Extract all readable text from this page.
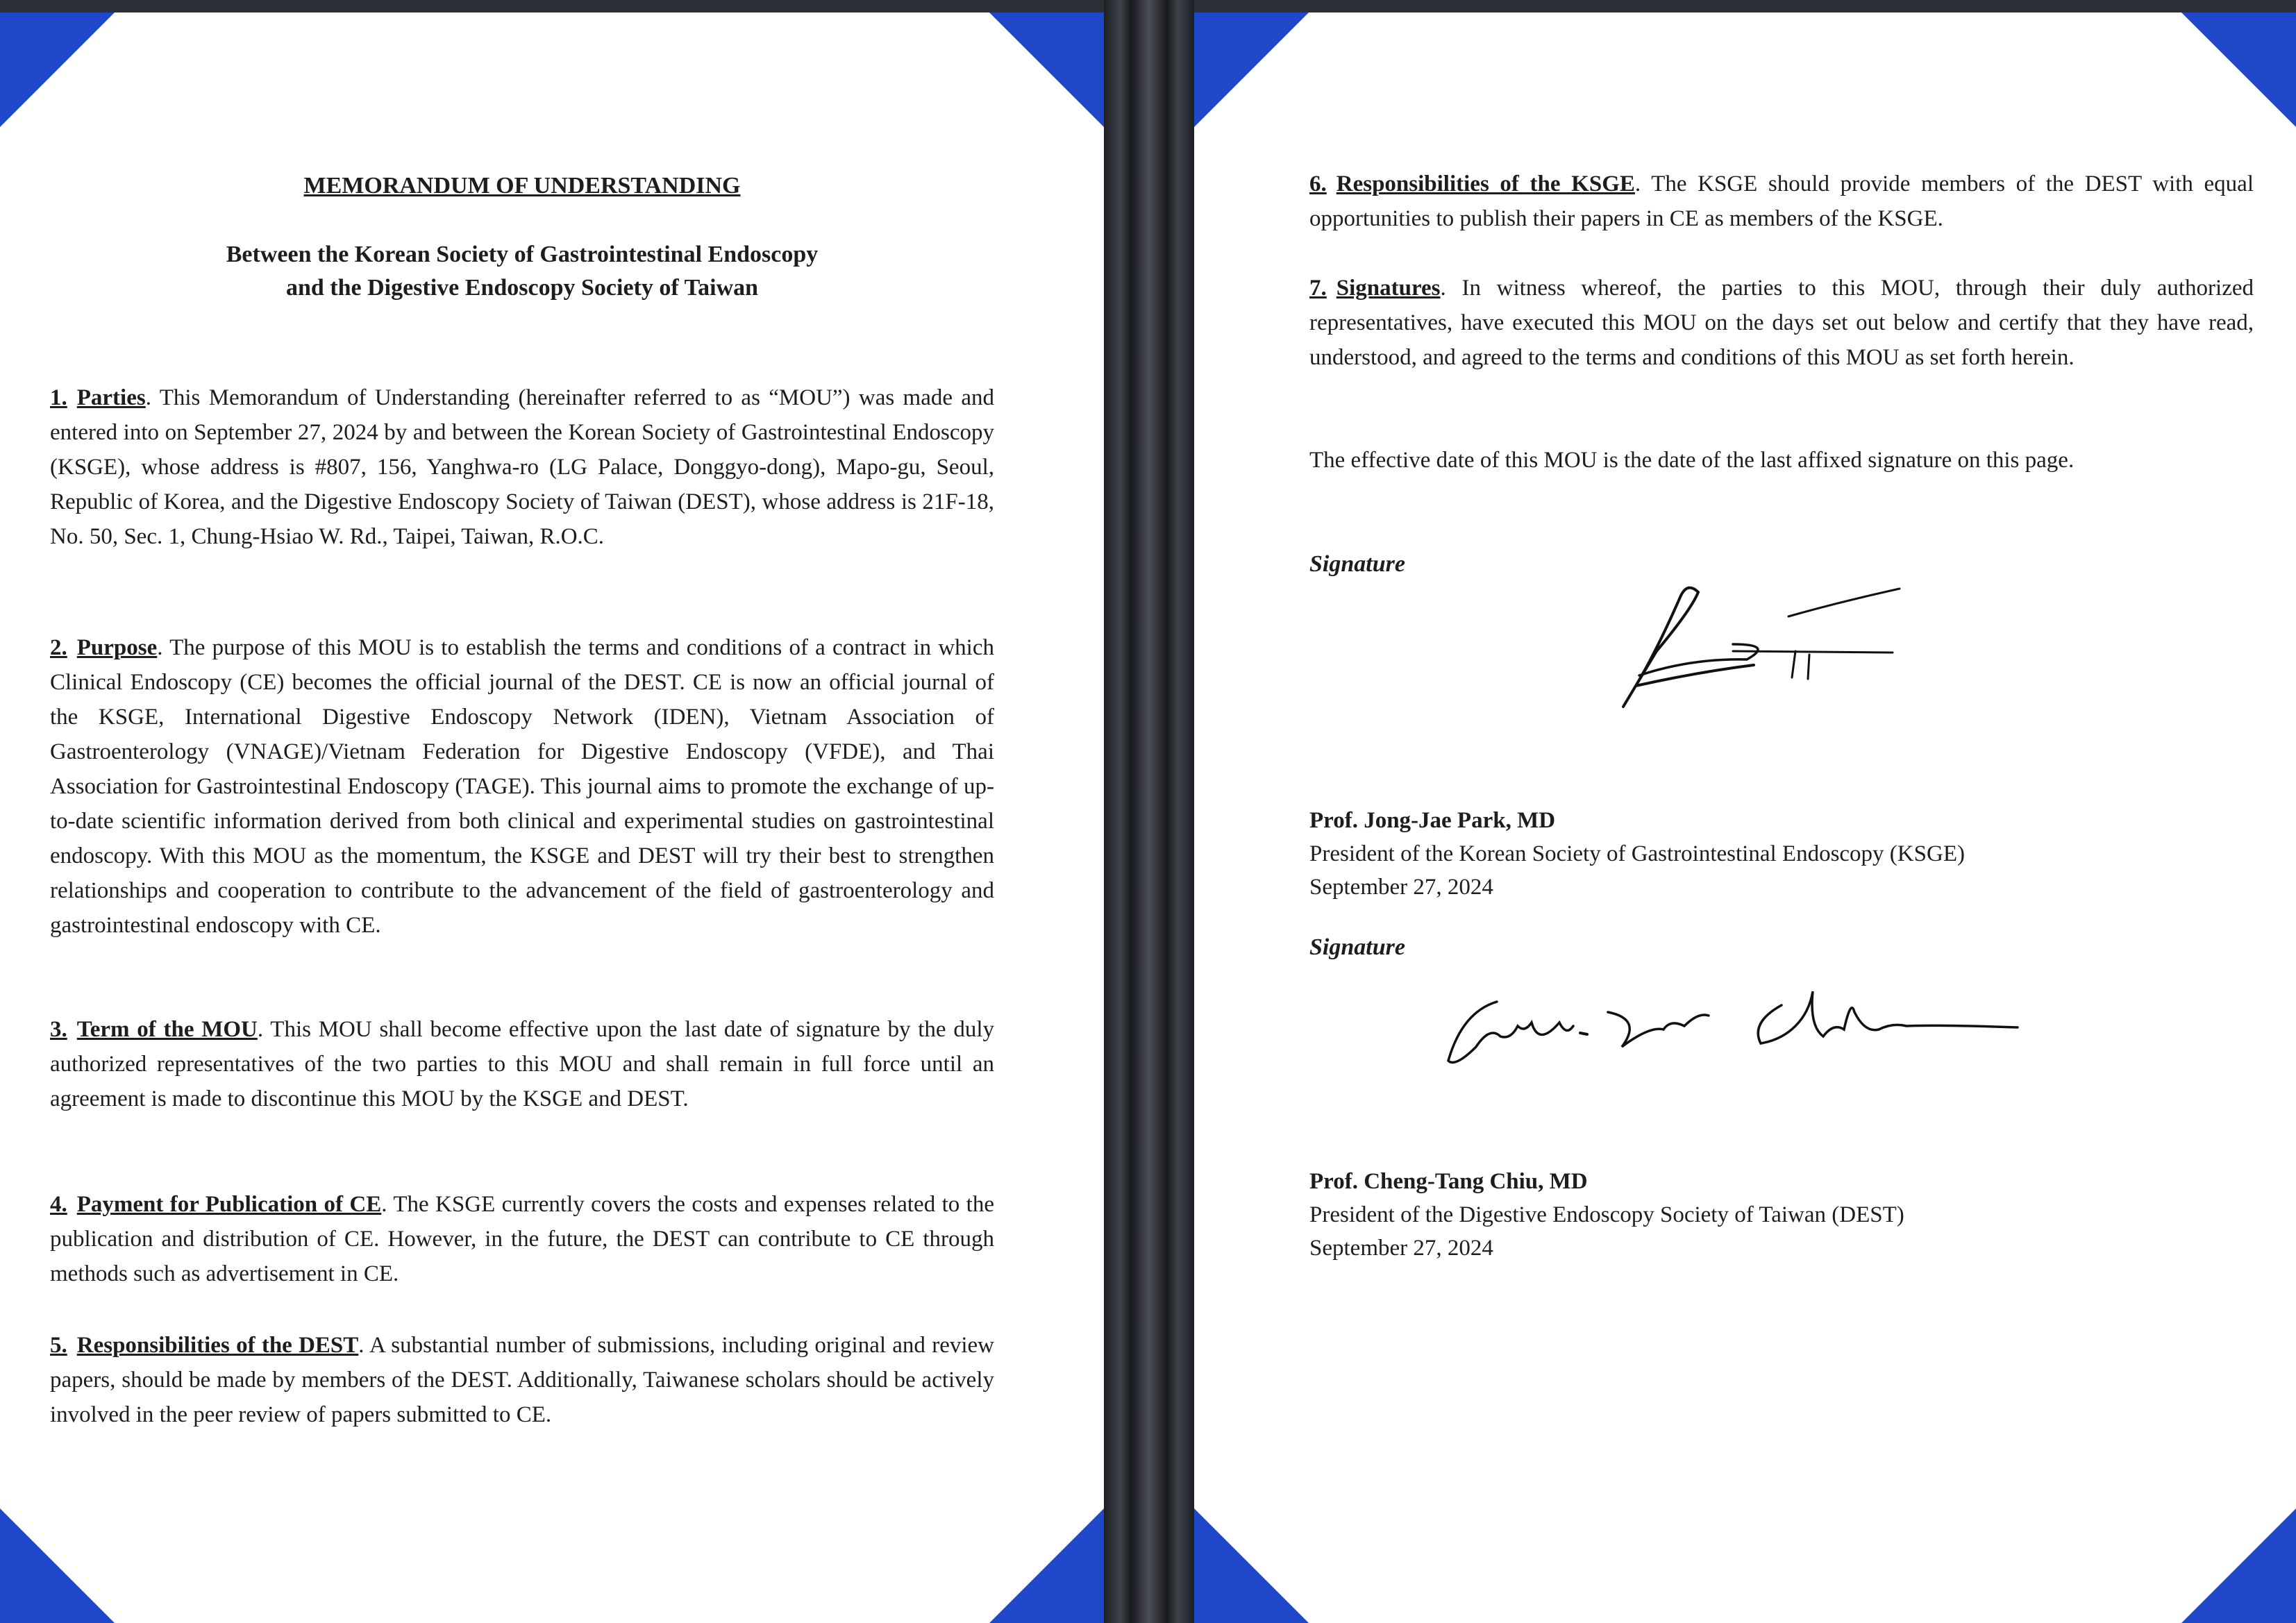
MEMORANDUM OF UNDERSTANDING
Between the Korean Society of Gastrointestinal Endoscopy
and the Digestive Endoscopy Society of Taiwan

1. Parties. This Memorandum of Understanding (hereinafter referred to as “MOU”) was made and entered into on September 27, 2024 by and between the Korean Society of Gastrointestinal Endoscopy (KSGE), whose address is #807, 156, Yanghwa-ro (LG Palace, Donggyo-dong), Mapo-gu, Seoul, Republic of Korea, and the Digestive Endoscopy Society of Taiwan (DEST), whose address is 21F-18, No. 50, Sec. 1, Chung-Hsiao W. Rd., Taipei, Taiwan, R.O.C.

2. Purpose. The purpose of this MOU is to establish the terms and conditions of a contract in which Clinical Endoscopy (CE) becomes the official journal of the DEST. CE is now an official journal of the KSGE, International Digestive Endoscopy Network (IDEN), Vietnam Association of Gastroenterology (VNAGE)/Vietnam Federation for Digestive Endoscopy (VFDE), and Thai Association for Gastrointestinal Endoscopy (TAGE). This journal aims to promote the exchange of up-to-date scientific information derived from both clinical and experimental studies on gastrointestinal endoscopy. With this MOU as the momentum, the KSGE and DEST will try their best to strengthen relationships and cooperation to contribute to the advancement of the field of gastroenterology and gastrointestinal endoscopy with CE.

3. Term of the MOU. This MOU shall become effective upon the last date of signature by the duly authorized representatives of the two parties to this MOU and shall remain in full force until an agreement is made to discontinue this MOU by the KSGE and DEST.

4. Payment for Publication of CE. The KSGE currently covers the costs and expenses related to the publication and distribution of CE. However, in the future, the DEST can contribute to CE through methods such as advertisement in CE.

5. Responsibilities of the DEST. A substantial number of submissions, including original and review papers, should be made by members of the DEST. Additionally, Taiwanese scholars should be actively involved in the peer review of papers submitted to CE.

6. Responsibilities of the KSGE. The KSGE should provide members of the DEST with equal opportunities to publish their papers in CE as members of the KSGE.

7. Signatures. In witness whereof, the parties to this MOU, through their duly authorized representatives, have executed this MOU on the days set out below and certify that they have read, understood, and agreed to the terms and conditions of this MOU as set forth herein.

The effective date of this MOU is the date of the last affixed signature on this page.

Signature
Prof. Jong-Jae Park, MD
President of the Korean Society of Gastrointestinal Endoscopy (KSGE)
September 27, 2024
Signature
Prof. Cheng-Tang Chiu, MD
President of the Digestive Endoscopy Society of Taiwan (DEST)
September 27, 2024
